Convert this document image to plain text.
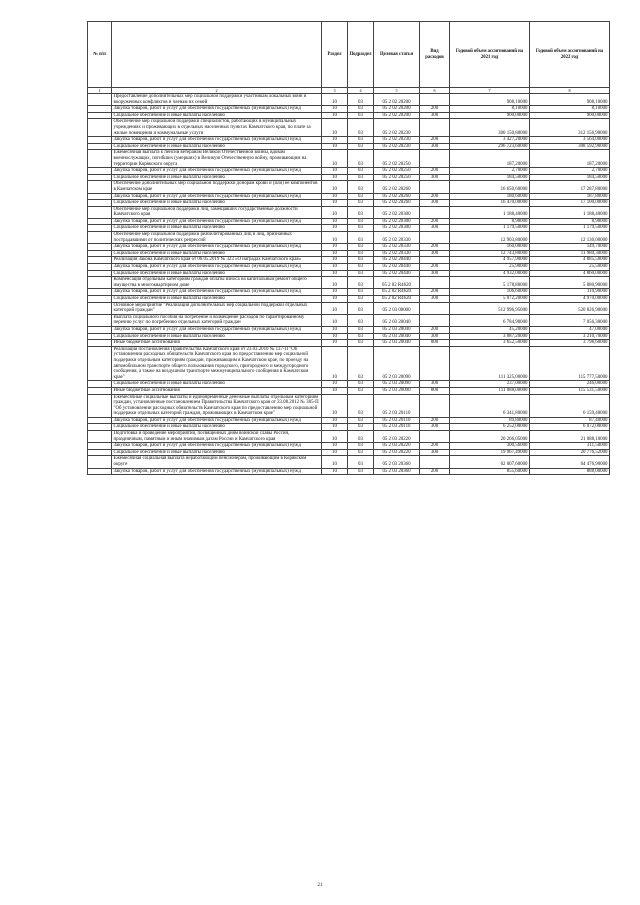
№ п/п		Раздел	Подраздел	Целевая статья	Вид расходов	Годовой объем ассигнований на 2021 год	Годовой объем ассигнований на 2022 год
1	2	3	4	5	6	7	8
	Предоставление дополнительных мер социальной поддержки участникам локальных войн и вооруженных конфликтов и членам их семей	10	03	05 2 02 20200		908,10000	908,10000
	Закупка товаров, работ и услуг для обеспечения государственных (муниципальных) нужд	10	03	05 2 02 20200	200	8,10000	8,10000
	Социальное обеспечение и иные выплаты населению	10	03	05 2 02 20200	300	900,00000	900,00000
	Обеспечение мер социальной поддержки специалистов, работающих в муниципальных учреждениях и проживающих в отдельных населенных пунктах Камчатского края, по плате за жилые помещения и коммунальные услуги	10	03	05 2 02 20230		300 150,80000	312 156,90000
	Закупка товаров, работ и услуг для обеспечения государственных (муниципальных) нужд	10	03	05 2 02 20230	200	3 427,20000	3 564,00000
	Социальное обеспечение и иные выплаты населению	10	03	05 2 02 20230	300	296 723,60000	308 592,90000
	Ежемесячная выплата к пенсии ветеранам Великой Отечественной войны, вдовам военнослужащих, погибших (умерших) в Великую Отечественную войну, проживающим на территории Корякского округа	10	03	05 2 02 20250		187,20000	187,20000
	Закупка товаров, работ и услуг для обеспечения государственных (муниципальных) нужд	10	03	05 2 02 20250	200	2,70000	2,70000
	Социальное обеспечение и иные выплаты населению	10	03	05 2 02 20250	300	184,50000	184,50000
	Обеспечение дополнительных мер социальной поддержки донорам крови и (или) ее компонентов в Камчатском крае	10	03	05 2 02 20260		16 650,60000	17 287,80000
	Закупка товаров, работ и услуг для обеспечения государственных (муниципальных) нужд	10	03	05 2 02 20260	200	180,60000	187,80000
	Социальное обеспечение и иные выплаты населению	10	03	05 2 02 20260	300	16 470,00000	17 100,00000
	Обеспечение мер социальной поддержки лиц, замещавших государственные должности Камчатского края	10	03	05 2 02 20300		1 188,40000	1 188,40000
	Закупка товаров, работ и услуг для обеспечения государственных (муниципальных) нужд	10	03	05 2 02 20300	200	8,90000	8,90000
	Социальное обеспечение и иные выплаты населению	10	03	05 2 02 20300	300	1 179,50000	1 179,50000
	Обеспечение мер социальной поддержки реабилитированных лиц и лиц, признанных пострадавшими от политических репрессий	10	03	05 2 02 20330		12 903,80000	12 130,00000
	Закупка товаров, работ и услуг для обеспечения государственных (муниципальных) нужд	10	03	05 2 02 20330	200	160,00000	149,70000
	Социальное обеспечение и иные выплаты населению	10	03	05 2 02 20330	300	12 743,80000	11 980,30000
	Реализация Закона Камчатского края от 06.05.2019 № 323 «О наградах Камчатского края»	10	03	05 2 02 20440		4 957,90000	4 885,50000
	Закупка товаров, работ и услуг для обеспечения государственных (муниципальных) нужд	10	03	05 2 02 20440	200	25,90000	25,50000
	Социальное обеспечение и иные выплаты населению	10	03	05 2 02 20440	300	4 932,00000	4 860,00000
	Компенсация отдельным категориям граждан оплаты взноса на капитальный ремонт общего имущества в многоквартирном доме	10	03	05 2 02 R4620		5 178,80000	5 080,90000
	Закупка товаров, работ и услуг для обеспечения государственных (муниципальных) нужд	10	03	05 2 02 R4620	200	106,60000	110,90000
	Социальное обеспечение и иные выплаты населению	10	03	05 2 02 R4620	300	5 072,20000	4 970,00000
	Основное мероприятие "Реализация дополнительных мер социальной поддержки отдельных категорий граждан"	10	03	05 2 03 00000		512 996,95000	520 826,90000
	Выплата социального пособия на погребение и возмещение расходов по гарантированному перечню услуг по погребению отдельных категорий граждан	10	03	05 2 03 20040		6 784,90000	7 056,30000
	Закупка товаров, работ и услуг для обеспечения государственных (муниципальных) нужд	10	03	05 2 03 20040	200	45,20000	47,00000
	Социальное обеспечение и иные выплаты населению	10	03	05 2 03 20040	300	3 087,20000	3 210,70000
	Иные бюджетные ассигнования	10	03	05 2 03 20040	800	3 652,50000	3 798,60000
	Реализация постановления Правительства Камчатского края от 23.03.2010 № 137-П "Об установлении расходных обязательств Камчатского края по предоставлению мер социальной поддержки отдельным категориям граждан, проживающим в Камчатском крае, по проезду на автомобильном транспорте общего пользования городского, пригородного и междугородного сообщения, а также на воздушном транспорте межмуниципального сообщения в Камчатском крае"	10	03	05 2 03 20090		111 325,00000	115 777,50000
	Социальное обеспечение и иные выплаты населению	10	03	05 2 03 20090	300	237,00000	246,00000
	Иные бюджетные ассигнования	10	03	05 2 03 20090	800	111 088,00000	115 531,50000
	Ежемесячные социальные выплаты и единовременные денежные выплаты отдельным категориям граждан, установленные постановлением Правительства Камчатского края от 23.08.2012 № 385-П "Об установлении расходных обязательств Камчатского края по предоставлению мер социальной поддержки отдельных категорий граждан, проживающих в Камчатском крае"	10	03	05 2 03 20110		6 341,80000	6 159,40000
	Закупка товаров, работ и услуг для обеспечения государственных (муниципальных) нужд	10	03	05 2 03 20110	200	89,80000	87,40000
	Социальное обеспечение и иные выплаты населению	10	03	05 2 03 20110	300	6 252,00000	6 072,00000
	Подготовка и проведение мероприятий, посвященных дням воинской славы России, праздничным, памятным и иным значимым датам России и Камчатского края	10	03	05 2 03 20220		20 266,05000	21 088,10000
	Закупка товаров, работ и услуг для обеспечения государственных (муниципальных) нужд	10	03	05 2 03 20220	200	300,56000	311,58000
	Социальное обеспечение и иные выплаты населению	10	03	05 2 03 20220	300	19 967,49000	20 776,52000
	Ежемесячная социальная выплата неработающим пенсионерам, проживающим в Корякском округе	10	03	05 2 03 20360		62 007,60000	64 476,90000
	Закупка товаров, работ и услуг для обеспечения государственных (муниципальных) нужд	10	03	05 2 03 20360	200	855,60000	888,00000
21
